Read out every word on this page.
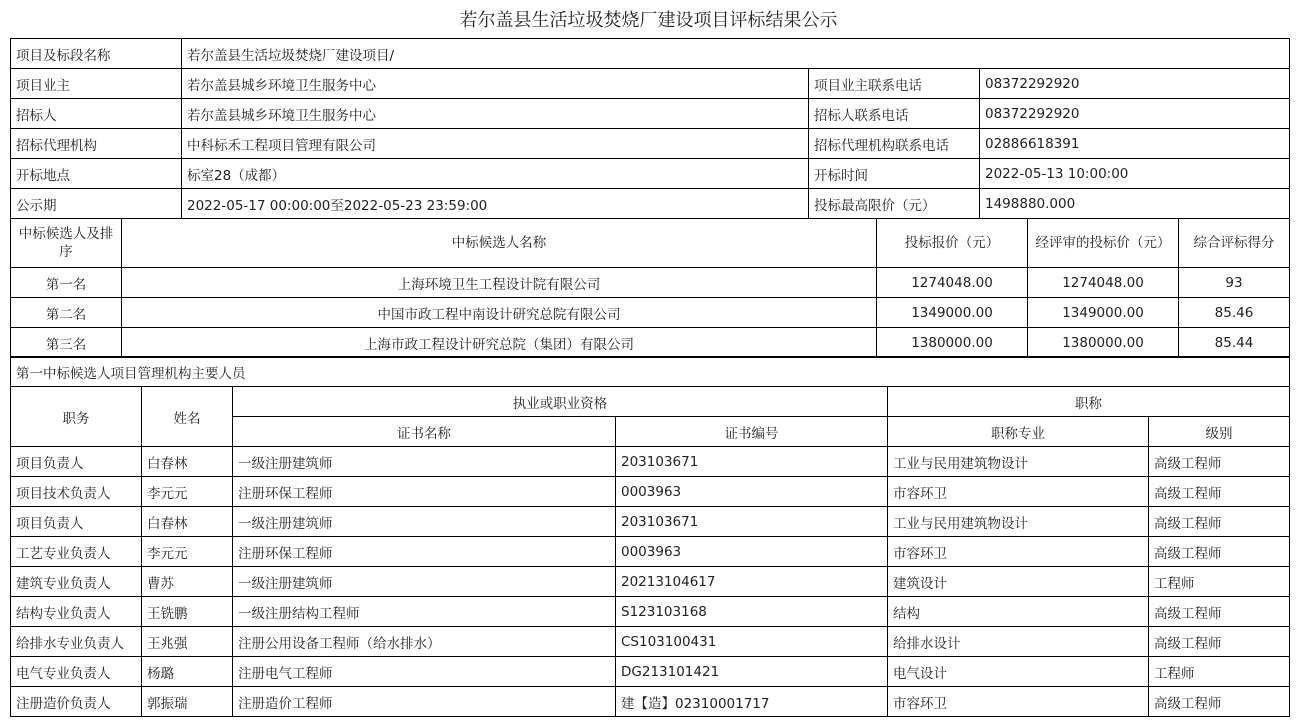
若尔盖县生活垃圾焚烧厂建设项目评标结果公示
项目及标段名称	若尔盖县生活垃圾焚烧厂建设项目/		
项目业主	若尔盖县城乡环境卫生服务中心	项目业主联系电话	08372292920
招标人	若尔盖县城乡环境卫生服务中心	招标人联系电话	08372292920
招标代理机构	中科标禾工程项目管理有限公司	招标代理机构联系电话	02886618391
开标地点	标室28（成都）	开标时间	2022-05-13 10:00:00
公示期	2022-05-17 00:00:00至2022-05-23 23:59:00	投标最高限价（元）	1498880.000
中标候选人及排序	中标候选人名称	投标报价（元）	经评审的投标价（元）	综合评标得分
第一名	上海环境卫生工程设计院有限公司	1274048.00	1274048.00	93
第二名	中国市政工程中南设计研究总院有限公司	1349000.00	1349000.00	85.46
第三名	上海市政工程设计研究总院（集团）有限公司	1380000.00	1380000.00	85.44
第一中标候选人项目管理机构主要人员					
职务	姓名	执业或职业资格		职称	
		证书名称	证书编号	职称专业	级别
项目负责人	白春林	一级注册建筑师	203103671	工业与民用建筑物设计	高级工程师
项目技术负责人	李元元	注册环保工程师	0003963	市容环卫	高级工程师
项目负责人	白春林	一级注册建筑师	203103671	工业与民用建筑物设计	高级工程师
工艺专业负责人	李元元	注册环保工程师	0003963	市容环卫	高级工程师
建筑专业负责人	曹苏	一级注册建筑师	20213104617	建筑设计	工程师
结构专业负责人	王铣鹏	一级注册结构工程师	S123103168	结构	高级工程师
给排水专业负责人	王兆强	注册公用设备工程师（给水排水）	CS103100431	给排水设计	高级工程师
电气专业负责人	杨璐	注册电气工程师	DG213101421	电气设计	工程师
注册造价负责人	郭振瑞	注册造价工程师	建【造】02310001717	市容环卫	高级工程师
